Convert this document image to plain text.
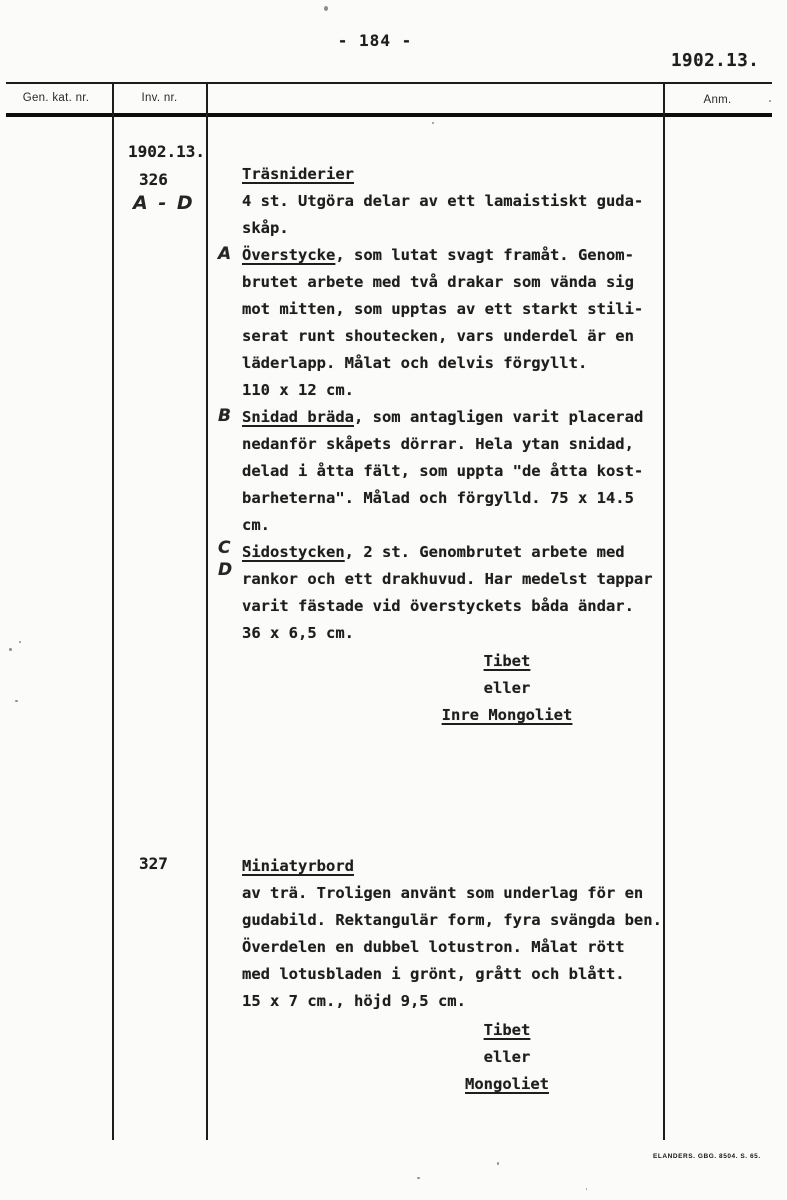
- 184 -
1902.13.
Gen. kat. nr.	Inv. nr.	Anm.
1902.13.
326
A - D
327
Träsniderier
4 st. Utgöra delar av ett lamaistiskt guda-
skåp.
A Överstycke, som lutat svagt framåt. Genom-
brutet arbete med två drakar som vända sig
mot mitten, som upptas av ett starkt stili-
serat runt shoutecken, vars underdel är en
läderlapp. Målat och delvis förgyllt.
110 x 12 cm.
B Snidad bräda, som antagligen varit placerad
nedanför skåpets dörrar. Hela ytan snidad,
delad i åtta fält, som uppta "de åtta kost-
barheterna". Målad och förgylld. 75 x 14.5
cm.
C
D
Sidostycken, 2 st. Genombrutet arbete med
rankor och ett drakhuvud. Har medelst tappar
varit fästade vid överstyckets båda ändar.
36 x 6,5 cm.
Tibet
eller
Inre Mongoliet
Miniatyrbord
av trä. Troligen använt som underlag för en
gudabild. Rektangulär form, fyra svängda ben.
Överdelen en dubbel lotustron. Målat rött
med lotusbladen i grönt, grått och blått.
15 x 7 cm., höjd 9,5 cm.
Tibet
eller
Mongoliet
ELANDERS. GBG. 8504. S. 65.
